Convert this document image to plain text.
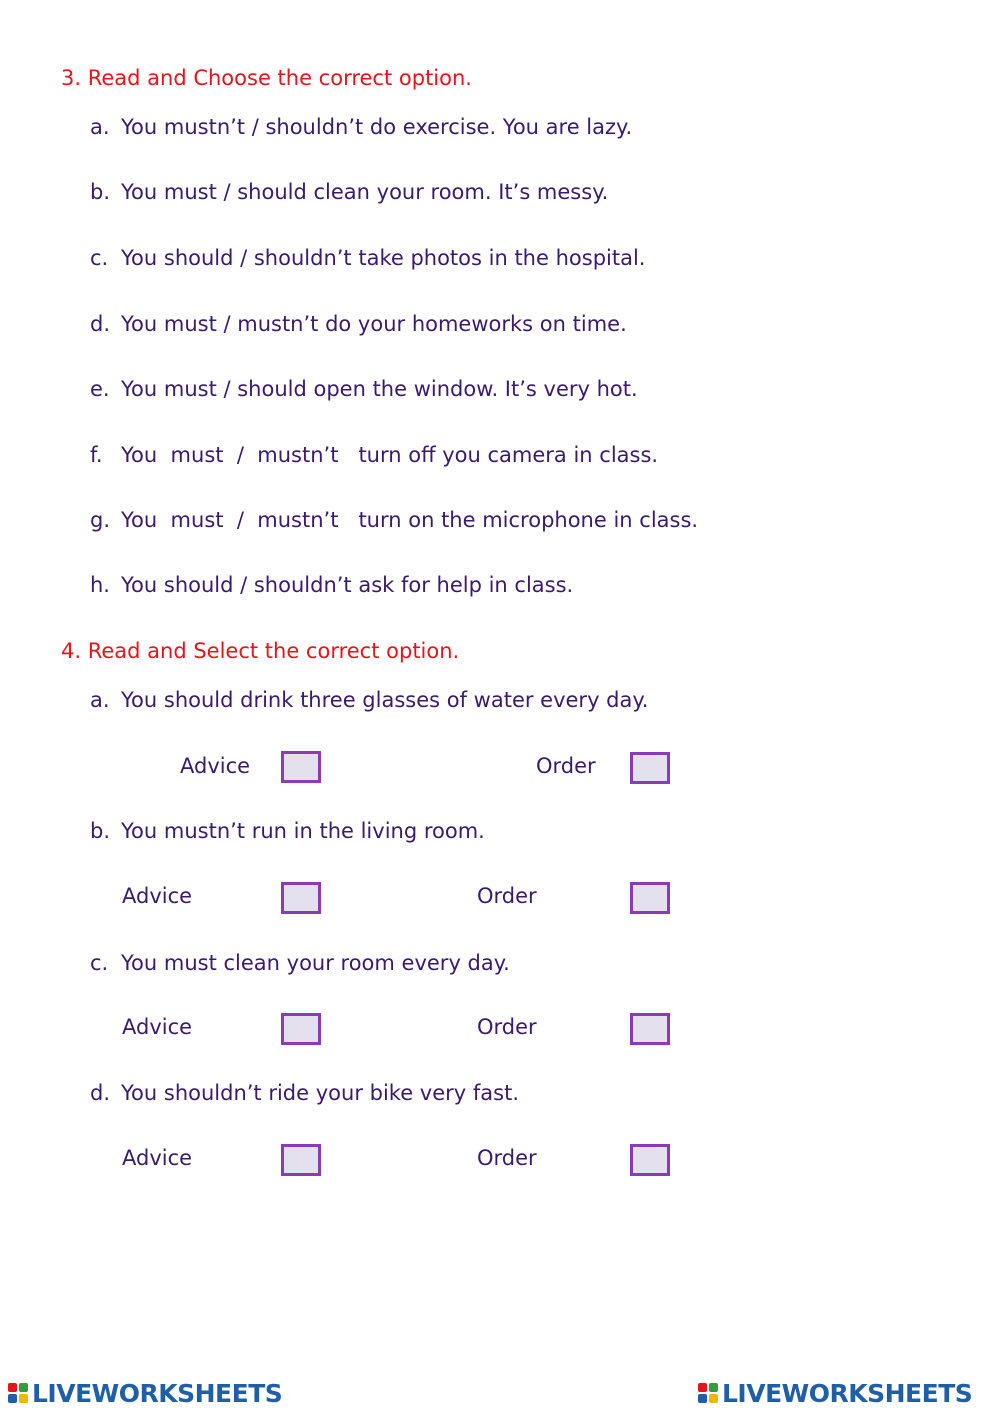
3. Read and Choose the correct option.
a. You mustn’t / shouldn’t do exercise. You are lazy.
b. You must / should clean your room. It’s messy.
c. You should / shouldn’t take photos in the hospital.
d. You must / mustn’t do your homeworks on time.
e. You must / should open the window. It’s very hot.
f. You  must  /  mustn’t   turn off you camera in class.
g. You  must  /  mustn’t   turn on the microphone in class.
h. You should / shouldn’t ask for help in class.
4. Read and Select the correct option.
a. You should drink three glasses of water every day.
Advice	Order
b. You mustn’t run in the living room.
Advice	Order
c. You must clean your room every day.
Advice	Order
d. You shouldn’t ride your bike very fast.
Advice	Order
LIVEWORKSHEETS	LIVEWORKSHEETS
